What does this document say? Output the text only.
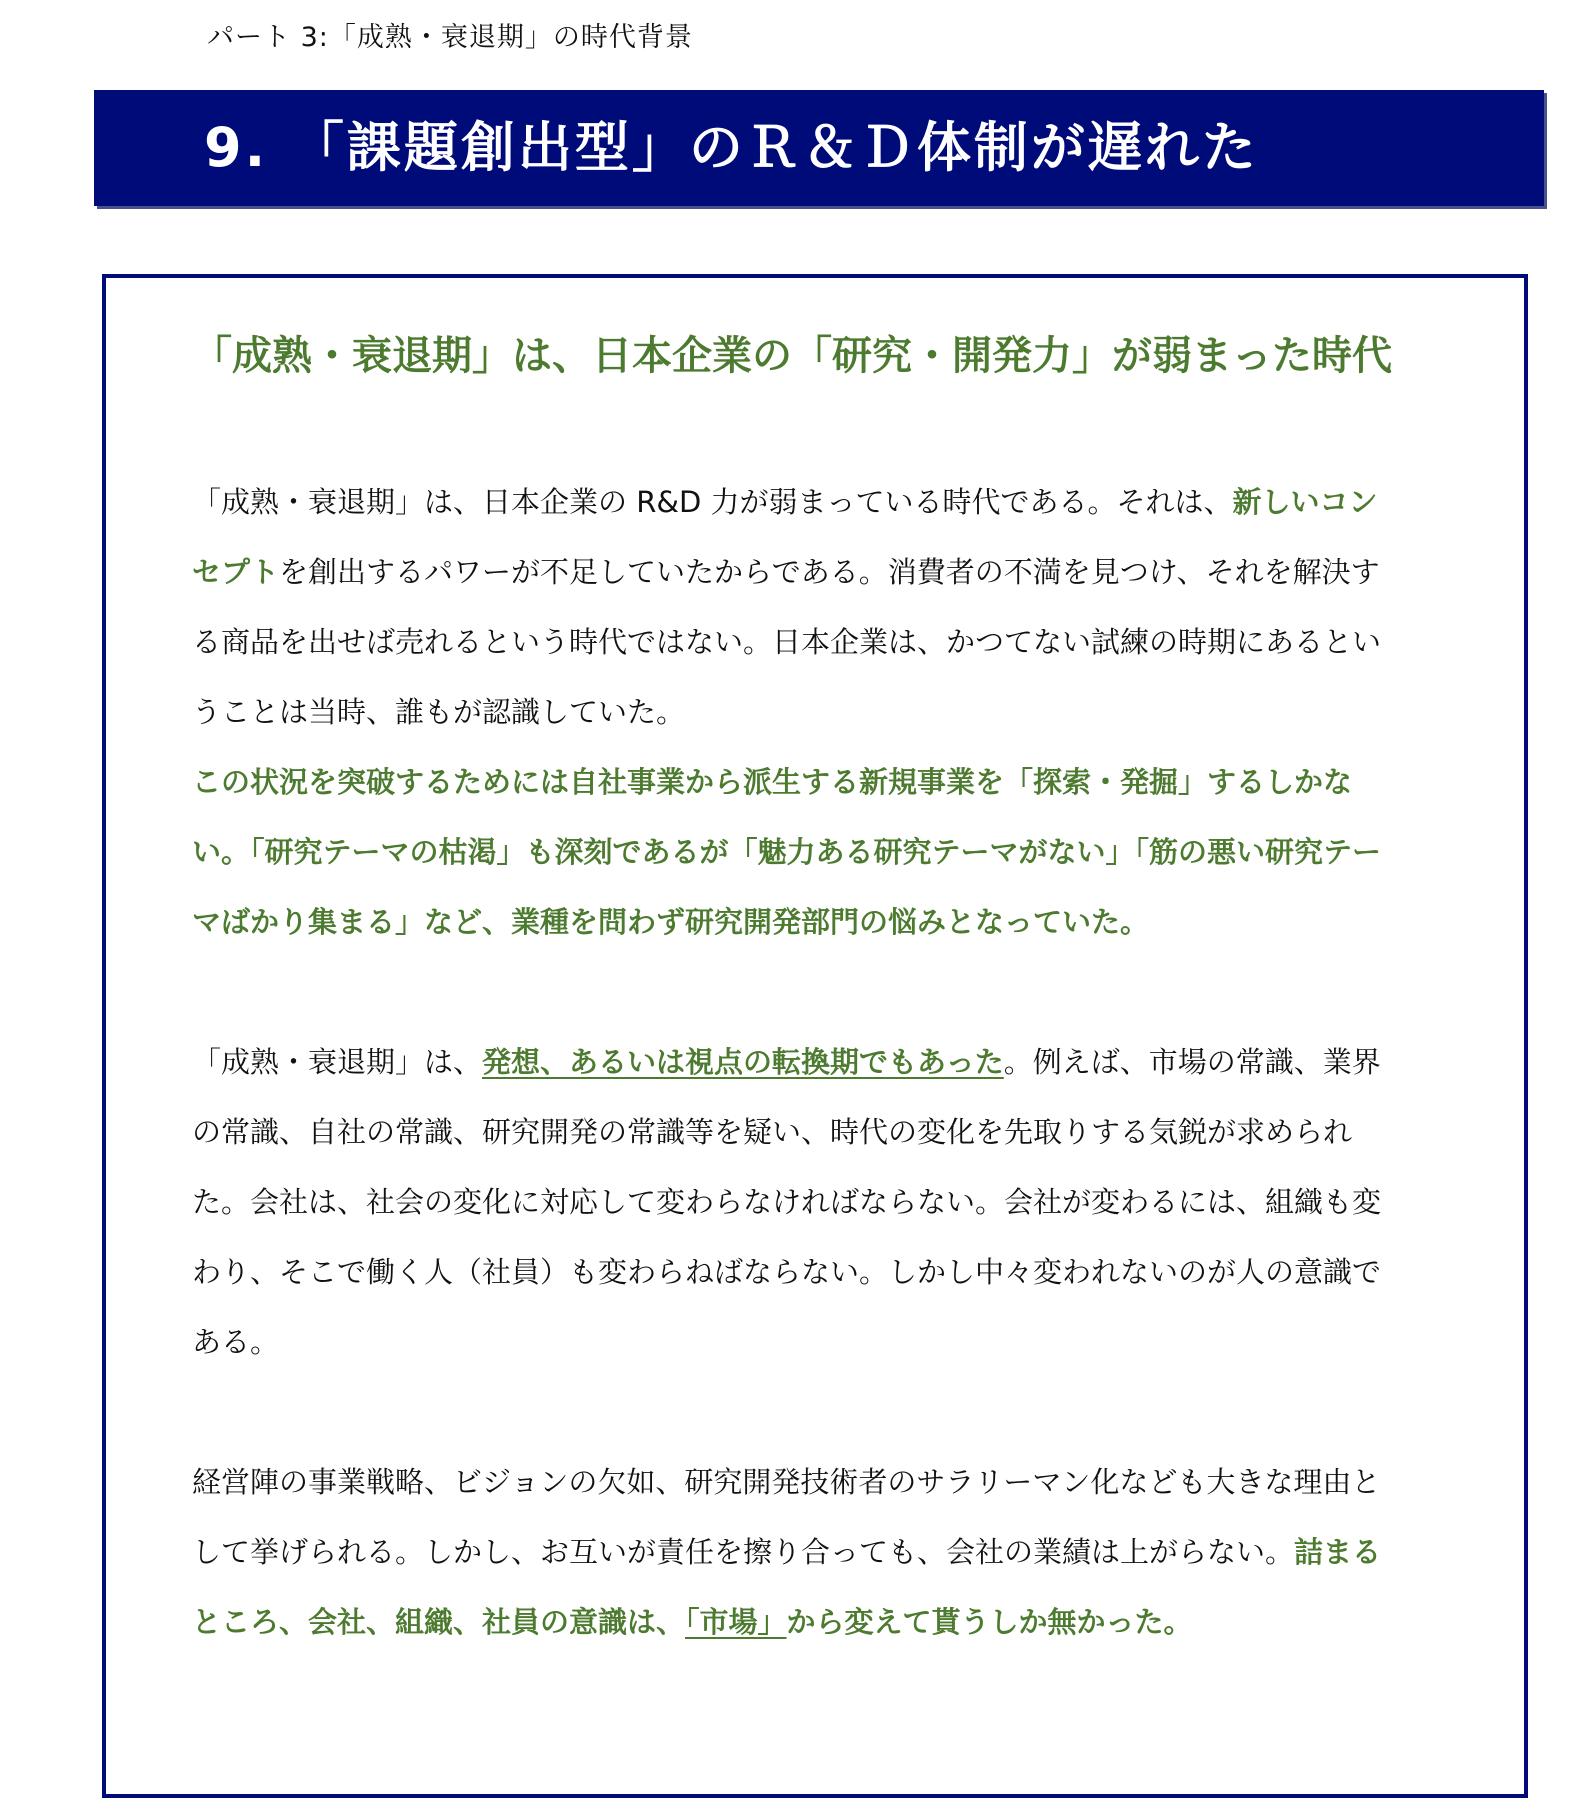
パート 3:「成熟・衰退期」の時代背景
9. 「課題創出型」のＲ＆Ｄ体制が遅れた
「成熟・衰退期」は、日本企業の「研究・開発力」が弱まった時代

「成熟・衰退期」は、日本企業の R&D 力が弱まっている時代である。それは、新しいコンセプトを創出するパワーが不足していたからである。消費者の不満を見つけ、それを解決する商品を出せば売れるという時代ではない。日本企業は、かつてない試練の時期にあるということは当時、誰もが認識していた。

この状況を突破するためには自社事業から派生する新規事業を「探索・発掘」するしかない。「研究テーマの枯渇」も深刻であるが「魅力ある研究テーマがない」「筋の悪い研究テーマばかり集まる」など、業種を問わず研究開発部門の悩みとなっていた。

「成熟・衰退期」は、発想、あるいは視点の転換期でもあった。例えば、市場の常識、業界の常識、自社の常識、研究開発の常識等を疑い、時代の変化を先取りする気鋭が求められた。会社は、社会の変化に対応して変わらなければならない。会社が変わるには、組織も変わり、そこで働く人（社員）も変わらねばならない。しかし中々変われないのが人の意識である。

経営陣の事業戦略、ビジョンの欠如、研究開発技術者のサラリーマン化なども大きな理由として挙げられる。しかし、お互いが責任を擦り合っても、会社の業績は上がらない。詰まるところ、会社、組織、社員の意識は、「市場」から変えて貰うしか無かった。
